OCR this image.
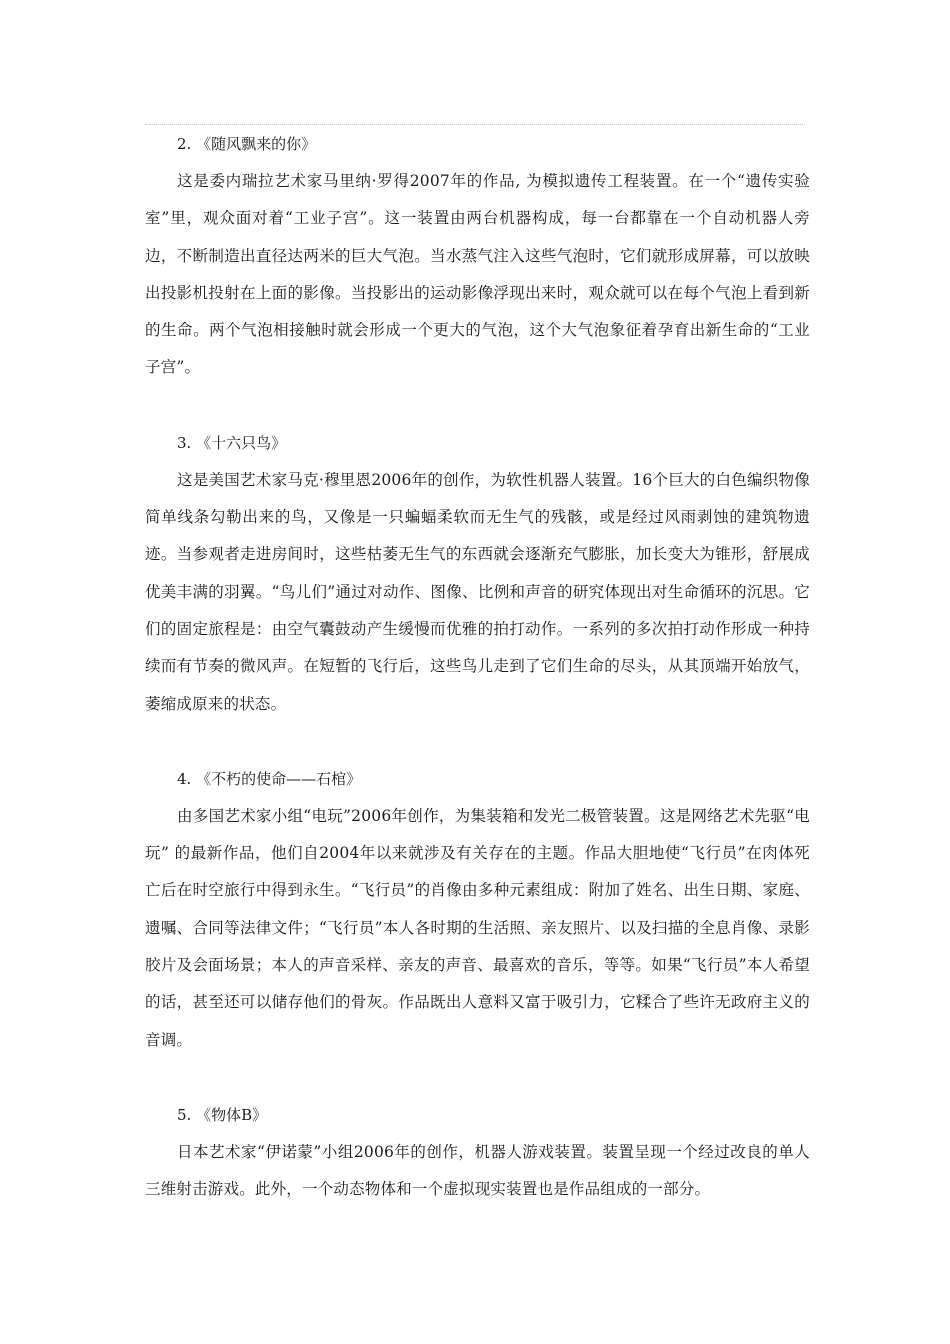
2. 《随风飘来的你》

这是委内瑞拉艺术家马里纳·罗得2007年的作品, 为模拟遗传工程装置。在一个“遗传实验室”里，观众面对着“工业子宫”。这一装置由两台机器构成，每一台都靠在一个自动机器人旁边，不断制造出直径达两米的巨大气泡。当水蒸气注入这些气泡时，它们就形成屏幕，可以放映出投影机投射在上面的影像。当投影出的运动影像浮现出来时，观众就可以在每个气泡上看到新的生命。两个气泡相接触时就会形成一个更大的气泡，这个大气泡象征着孕育出新生命的“工业子宫”。

3. 《十六只鸟》

这是美国艺术家马克·穆里恩2006年的创作，为软性机器人装置。16个巨大的白色编织物像简单线条勾勒出来的鸟，又像是一只蝙蝠柔软而无生气的残骸，或是经过风雨剥蚀的建筑物遗迹。当参观者走进房间时，这些枯萎无生气的东西就会逐渐充气膨胀，加长变大为锥形，舒展成优美丰满的羽翼。“鸟儿们”通过对动作、图像、比例和声音的研究体现出对生命循环的沉思。它们的固定旅程是：由空气囊鼓动产生缓慢而优雅的拍打动作。一系列的多次拍打动作形成一种持续而有节奏的微风声。在短暂的飞行后，这些鸟儿走到了它们生命的尽头，从其顶端开始放气，萎缩成原来的状态。

4. 《不朽的使命——石棺》

由多国艺术家小组“电玩”2006年创作，为集装箱和发光二极管装置。这是网络艺术先驱“电玩” 的最新作品，他们自2004年以来就涉及有关存在的主题。作品大胆地使“飞行员”在肉体死亡后在时空旅行中得到永生。“飞行员”的肖像由多种元素组成：附加了姓名、出生日期、家庭、遗嘱、合同等法律文件；“飞行员”本人各时期的生活照、亲友照片、以及扫描的全息肖像、录影胶片及会面场景；本人的声音采样、亲友的声音、最喜欢的音乐，等等。如果“飞行员”本人希望的话，甚至还可以储存他们的骨灰。作品既出人意料又富于吸引力，它糅合了些许无政府主义的音调。

5. 《物体B》

日本艺术家“伊诺蒙”小组2006年的创作，机器人游戏装置。装置呈现一个经过改良的单人三维射击游戏。此外，一个动态物体和一个虚拟现实装置也是作品组成的一部分。
